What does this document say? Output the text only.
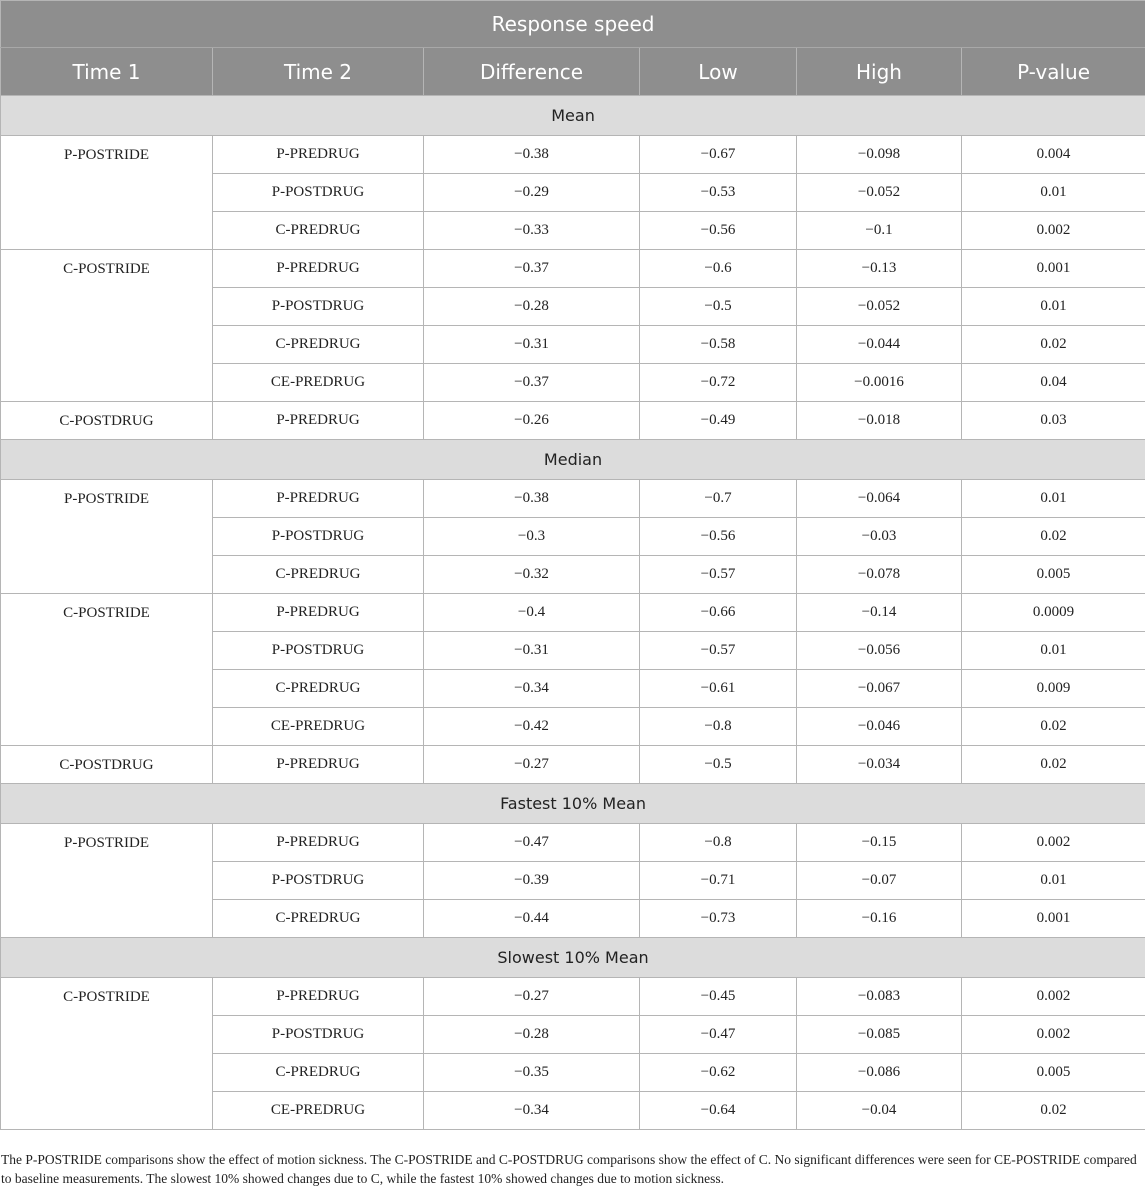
Response speed					
Time 1	Time 2	Difference	Low	High	P-value
Mean					
P-POSTRIDE	P-PREDRUG	−0.38	−0.67	−0.098	0.004
	P-POSTDRUG	−0.29	−0.53	−0.052	0.01
	C-PREDRUG	−0.33	−0.56	−0.1	0.002
C-POSTRIDE	P-PREDRUG	−0.37	−0.6	−0.13	0.001
	P-POSTDRUG	−0.28	−0.5	−0.052	0.01
	C-PREDRUG	−0.31	−0.58	−0.044	0.02
	CE-PREDRUG	−0.37	−0.72	−0.0016	0.04
C-POSTDRUG	P-PREDRUG	−0.26	−0.49	−0.018	0.03
Median					
P-POSTRIDE	P-PREDRUG	−0.38	−0.7	−0.064	0.01
	P-POSTDRUG	−0.3	−0.56	−0.03	0.02
	C-PREDRUG	−0.32	−0.57	−0.078	0.005
C-POSTRIDE	P-PREDRUG	−0.4	−0.66	−0.14	0.0009
	P-POSTDRUG	−0.31	−0.57	−0.056	0.01
	C-PREDRUG	−0.34	−0.61	−0.067	0.009
	CE-PREDRUG	−0.42	−0.8	−0.046	0.02
C-POSTDRUG	P-PREDRUG	−0.27	−0.5	−0.034	0.02
Fastest 10% Mean					
P-POSTRIDE	P-PREDRUG	−0.47	−0.8	−0.15	0.002
	P-POSTDRUG	−0.39	−0.71	−0.07	0.01
	C-PREDRUG	−0.44	−0.73	−0.16	0.001
Slowest 10% Mean					
C-POSTRIDE	P-PREDRUG	−0.27	−0.45	−0.083	0.002
	P-POSTDRUG	−0.28	−0.47	−0.085	0.002
	C-PREDRUG	−0.35	−0.62	−0.086	0.005
	CE-PREDRUG	−0.34	−0.64	−0.04	0.02
The P-POSTRIDE comparisons show the effect of motion sickness. The C-POSTRIDE and C-POSTDRUG comparisons show the effect of C. No significant differences were seen for CE-POSTRIDE compared to baseline measurements. The slowest 10% showed changes due to C, while the fastest 10% showed changes due to motion sickness.
